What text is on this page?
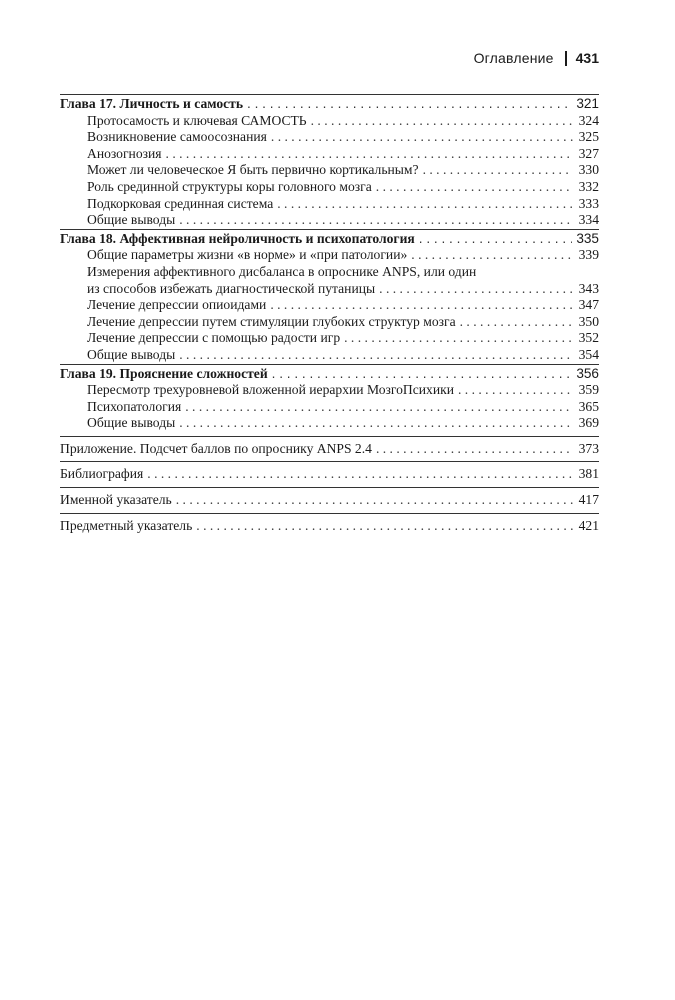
Оглавление 431
Глава 17. Личность и самость . . .	321
Протосамость и ключевая САМОСТЬ . . .	324
Возникновение самоосознания . . .	325
Анозогнозия . . .	327
Может ли человеческое Я быть первично кортикальным? . . .	330
Роль срединной структуры коры головного мозга . . .	332
Подкорковая срединная система . . .	333
Общие выводы . . .	334
Глава 18. Аффективная нейроличность и психопатология . . .	335
Общие параметры жизни «в норме» и «при патологии» . . .	339
Измерения аффективного дисбаланса в опроснике ANPS, или один
из способов избежать диагностической путаницы . . .	343
Лечение депрессии опиоидами . . .	347
Лечение депрессии путем стимуляции глубоких структур мозга . . .	350
Лечение депрессии с помощью радости игр . . .	352
Общие выводы . . .	354
Глава 19. Прояснение сложностей . . .	356
Пересмотр трехуровневой вложенной иерархии МозгоПсихики . . .	359
Психопатология . . .	365
Общие выводы . . .	369
Приложение. Подсчет баллов по опроснику ANPS 2.4 . . .	373
Библиография . . .	381
Именной указатель . . .	417
Предметный указатель . . .	421
